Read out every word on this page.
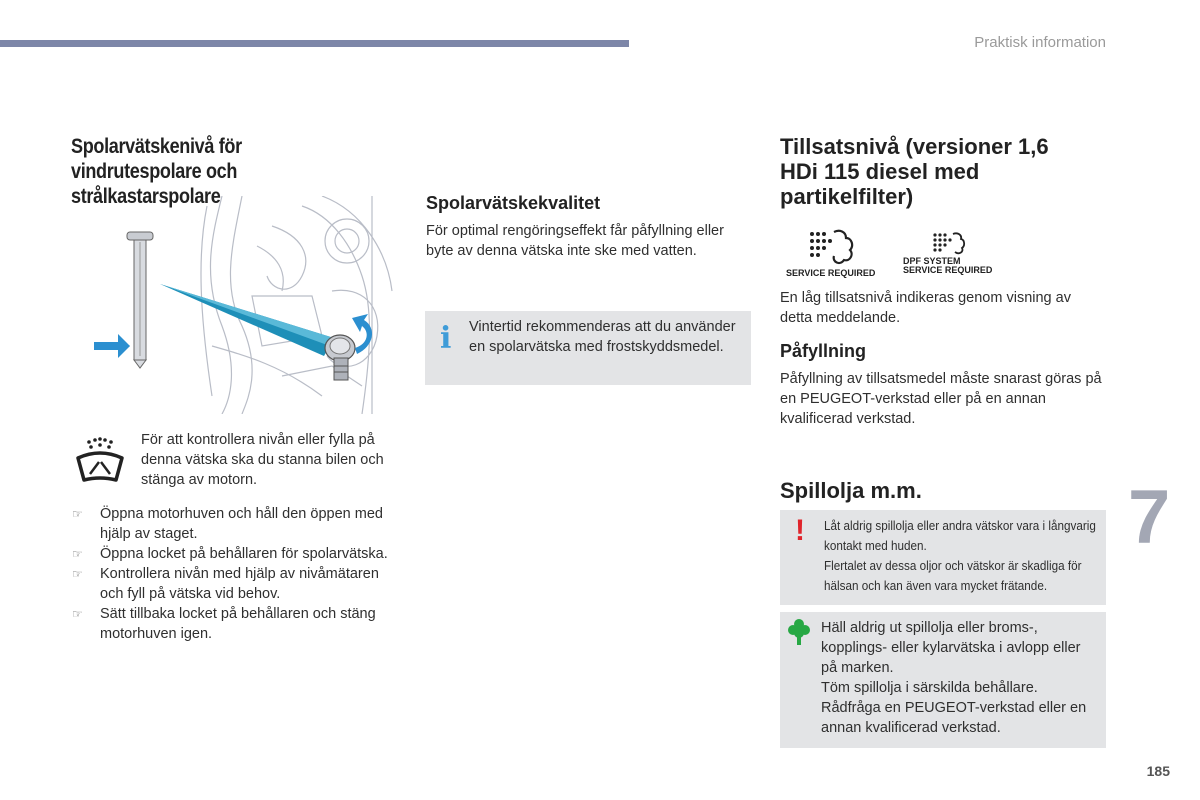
Praktisk information
Spolarvätskenivå för vindrutespolare och strålkastarspolare

För att kontrollera nivån eller fylla på denna vätska ska du stanna bilen och stänga av motorn.

☞ Öppna motorhuven och håll den öppen med hjälp av staget.
☞ Öppna locket på behållaren för spolarvätska.
☞ Kontrollera nivån med hjälp av nivåmätaren och fyll på vätska vid behov.
☞ Sätt tillbaka locket på behållaren och stäng motorhuven igen.
Spolarvätskekvalitet

För optimal rengöringseffekt får påfyllning eller byte av denna vätska inte ske med vatten.

i Vintertid rekommenderas att du använder en spolarvätska med frostskyddsmedel.

Tillsatsnivå (versioner 1,6 HDi 115 diesel med partikelfilter)
SERVICE REQUIRED
DPF SYSTEM
SERVICE REQUIRED

En låg tillsatsnivå indikeras genom visning av detta meddelande.

Påfyllning

Påfyllning av tillsatsmedel måste snarast göras på en PEUGEOT-verkstad eller på en annan kvalificerad verkstad.

Spillolja m.m.
! Låt aldrig spillolja eller andra vätskor vara i långvarig kontakt med huden.
Flertalet av dessa oljor och vätskor är skadliga för hälsan och kan även vara mycket frätande.
Häll aldrig ut spillolja eller broms-, kopplings- eller kylarvätska i avlopp eller på marken.
Töm spillolja i särskilda behållare.
Rådfråga en PEUGEOT-verkstad eller en annan kvalificerad verkstad.
7
185
